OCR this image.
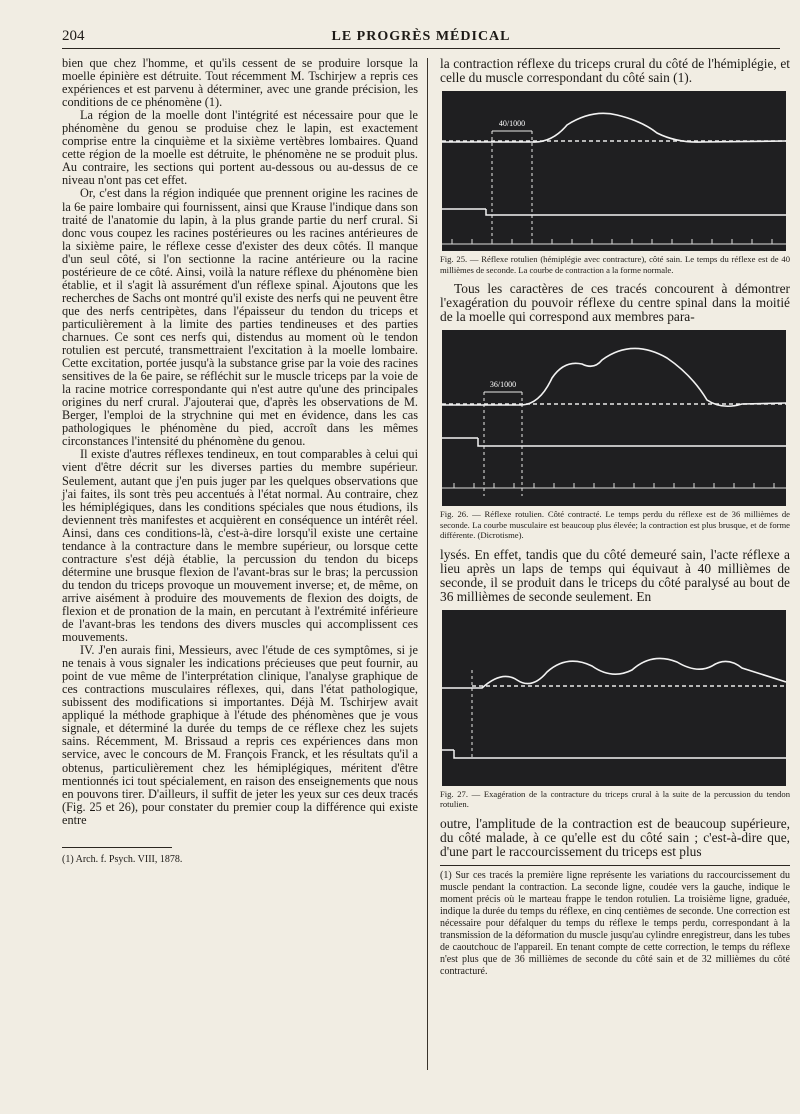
204	LE PROGRÈS MÉDICAL

bien que chez l'homme, et qu'ils cessent de se produire lorsque la moelle épinière est détruite. Tout récemment M. Tschirjew a repris ces expériences et est parvenu à déterminer, avec une grande précision, les conditions de ce phénomène (1).

La région de la moelle dont l'intégrité est nécessaire pour que le phénomène du genou se produise chez le lapin, est exactement comprise entre la cinquième et la sixième vertèbres lombaires. Quand cette région de la moelle est détruite, le phénomène ne se produit plus. Au contraire, les sections qui portent au-dessous ou au-dessus de ce niveau n'ont pas cet effet.

Or, c'est dans la région indiquée que prennent origine les racines de la 6e paire lombaire qui fournissent, ainsi que Krause l'indique dans son traité de l'anatomie du lapin, à la plus grande partie du nerf crural. Si donc vous coupez les racines postérieures ou les racines antérieures de la sixième paire, le réflexe cesse d'exister des deux côtés. Il manque d'un seul côté, si l'on sectionne la racine antérieure ou la racine postérieure de ce côté. Ainsi, voilà la nature réflexe du phénomène bien établie, et il s'agit là assurément d'un réflexe spinal. Ajoutons que les recherches de Sachs ont montré qu'il existe des nerfs qui ne peuvent être que des nerfs centripètes, dans l'épaisseur du tendon du triceps et particulièrement à la limite des parties tendineuses et des parties charnues. Ce sont ces nerfs qui, distendus au moment où le tendon rotulien est percuté, transmettraient l'excitation à la moelle lombaire. Cette excitation, portée jusqu'à la substance grise par la voie des racines sensitives de la 6e paire, se réfléchit sur le muscle triceps par la voie de la racine motrice correspondante qui n'est autre qu'une des principales origines du nerf crural. J'ajouterai que, d'après les observations de M. Berger, l'emploi de la strychnine qui met en évidence, dans les cas pathologiques le phénomène du pied, accroît dans les mêmes circonstances l'intensité du phénomène du genou.

Il existe d'autres réflexes tendineux, en tout comparables à celui qui vient d'être décrit sur les diverses parties du membre supérieur. Seulement, autant que j'en puis juger par les quelques observations que j'ai faites, ils sont très peu accentués à l'état normal. Au contraire, chez les hémiplégiques, dans les conditions spéciales que nous étudions, ils deviennent très manifestes et acquièrent en conséquence un intérêt réel. Ainsi, dans ces conditions-là, c'est-à-dire lorsqu'il existe une certaine tendance à la contracture dans le membre supérieur, ou lorsque cette contracture s'est déjà établie, la percussion du tendon du biceps détermine une brusque flexion de l'avant-bras sur le bras; la percussion du tendon du triceps provoque un mouvement inverse; et, de même, on arrive aisément à produire des mouvements de flexion des doigts, de flexion et de pronation de la main, en percutant à l'extrémité inférieure de l'avant-bras les tendons des divers muscles qui accomplissent ces mouvements.

IV. J'en aurais fini, Messieurs, avec l'étude de ces symptômes, si je ne tenais à vous signaler les indications précieuses que peut fournir, au point de vue même de l'interprétation clinique, l'analyse graphique de ces contractions musculaires réflexes, qui, dans l'état pathologique, subissent des modifications si importantes. Déjà M. Tschirjew avait appliqué la méthode graphique à l'étude des phénomènes que je vous signale, et déterminé la durée du temps de ce réflexe chez les sujets sains. Récemment, M. Brissaud a repris ces expériences dans mon service, avec le concours de M. François Franck, et les résultats qu'il a obtenus, particulièrement chez les hémiplégiques, méritent d'être mentionnés ici tout spécialement, en raison des enseignements que nous en pouvons tirer. D'ailleurs, il suffit de jeter les yeux sur ces deux tracés (Fig. 25 et 26), pour constater du premier coup la différence qui existe entre

(1) Arch. f. Psych. VIII, 1878.

la contraction réflexe du triceps crural du côté de l'hémiplégie, et celle du muscle correspondant du côté sain (1).

40/1000

Fig. 25. — Réflexe rotulien (hémiplégie avec contracture), côté sain. Le temps du réflexe est de 40 millièmes de seconde. La courbe de contraction a la forme normale.

Tous les caractères de ces tracés concourent à démontrer l'exagération du pouvoir réflexe du centre spinal dans la moitié de la moelle qui correspond aux membres para-

36/1000

Fig. 26. — Réflexe rotulien. Côté contracté. Le temps perdu du réflexe est de 36 millièmes de seconde. La courbe musculaire est beaucoup plus élevée; la contraction est plus brusque, et de forme différente. (Dicrotisme).

lysés. En effet, tandis que du côté demeuré sain, l'acte réflexe a lieu après un laps de temps qui équivaut à 40 millièmes de seconde, il se produit dans le triceps du côté paralysé au bout de 36 millièmes de seconde seulement. En

Fig. 27. — Exagération de la contracture du triceps crural à la suite de la percussion du tendon rotulien.

outre, l'amplitude de la contraction est de beaucoup supérieure, du côté malade, à ce qu'elle est du côté sain ; c'est-à-dire que, d'une part le raccourcissement du triceps est plus

(1) Sur ces tracés la première ligne représente les variations du raccourcissement du muscle pendant la contraction. La seconde ligne, coudée vers la gauche, indique le moment précis où le marteau frappe le tendon rotulien. La troisième ligne, graduée, indique la durée du temps du réflexe, en cinq centièmes de seconde. Une correction est nécessaire pour défalquer du temps du réflexe le temps perdu, correspondant à la transmission de la déformation du muscle jusqu'au cylindre enregistreur, dans les tubes de caoutchouc de l'appareil. En tenant compte de cette correction, le temps du réflexe n'est plus que de 36 millièmes de seconde du côté sain et de 32 millièmes du côté contracturé.
